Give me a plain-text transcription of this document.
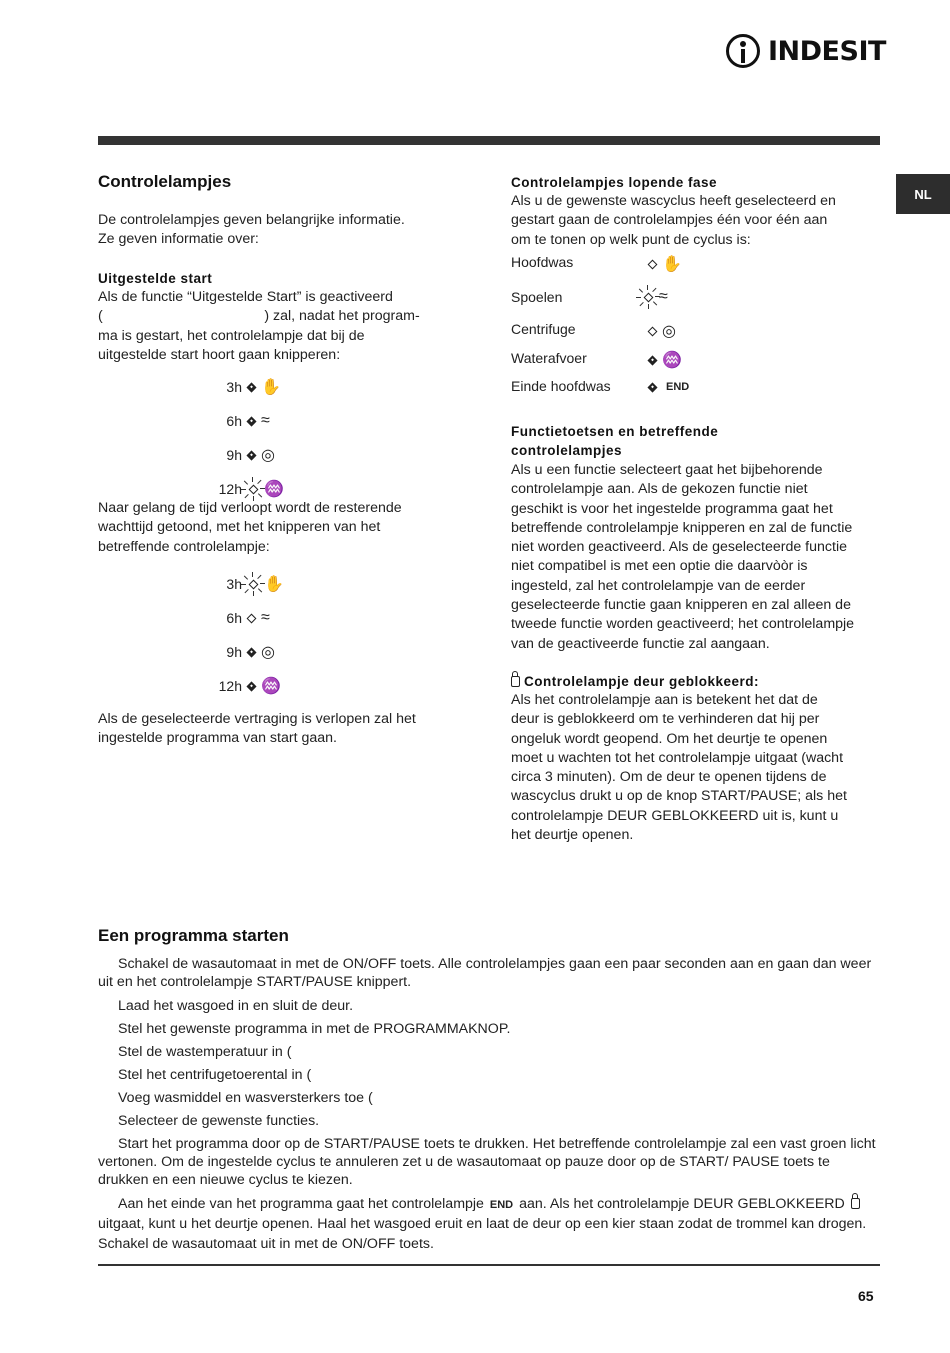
INDESIT
NL
Controlelampjes

De controlelampjes geven belangrijke informatie.

Ze geven informatie over:

Uitgestelde start

Als de functie “Uitgestelde Start” is geactiveerd

(                                         ) zal, nadat het program-

ma is gestart, het controlelampje dat bij de

uitgestelde start hoort gaan knipperen:

3h ✋
6h ≈
9h ◎
12h ♒

Naar gelang de tijd verloopt wordt de resterende

wachttijd getoond, met het knipperen van het

betreffende controlelampje:

3h ✋
6h ≈
9h ◎
12h ♒

Als de geselecteerde vertraging is verlopen zal het

ingestelde programma van start gaan.

Controlelampjes lopende fase

Als u de gewenste wascyclus heeft geselecteerd en

gestart gaan de controlelampjes één voor één aan

om te tonen op welk punt de cyclus is:

Hoofdwas	✋
Spoelen	≈
Centrifuge	◎
Waterafvoer	♒
Einde hoofdwas	END

Functietoetsen en betreffende

controlelampjes

Als u een functie selecteert gaat het bijbehorende

controlelampje aan. Als de gekozen functie niet

geschikt is voor het ingestelde programma gaat het

betreffende controlelampje knipperen en zal de functie

niet worden geactiveerd. Als de geselecteerde functie

niet compatibel is met een optie die daarvòòr is

ingesteld, zal het controlelampje van de eerder

geselecteerde functie gaan knipperen en zal alleen de

tweede functie worden geactiveerd; het controlelampje

van de geactiveerde functie zal aangaan.

Controlelampje deur geblokkeerd:

Als het controlelampje aan is betekent het dat de

deur is geblokkeerd om te verhinderen dat hij per

ongeluk wordt geopend. Om het deurtje te openen

moet u wachten tot het controlelampje uitgaat (wacht

circa 3 minuten). Om de deur te openen tijdens de

wascyclus drukt u op de knop START/PAUSE; als het

controlelampje DEUR GEBLOKKEERD uit is, kunt u

het deurtje openen.

Een programma starten

Schakel de wasautomaat in met de ON/OFF toets. Alle controlelampjes gaan een paar seconden aan en gaan dan weer uit en het controlelampje START/PAUSE knippert.

Laad het wasgoed in en sluit de deur.

Stel het gewenste programma in met de PROGRAMMAKNOP.

Stel de wastemperatuur in (

Stel het centrifugetoerental in (

Voeg wasmiddel en wasversterkers toe (

Selecteer de gewenste functies.

Start het programma door op de START/PAUSE toets te drukken. Het betreffende controlelampje zal een vast groen licht vertonen. Om de ingestelde cyclus te annuleren zet u de wasautomaat op pauze door op de START/ PAUSE toets te drukken en een nieuwe cyclus te kiezen.

Aan het einde van het programma gaat het controlelampje END aan. Als het controlelampje DEUR GEBLOKKEERD  uitgaat, kunt u het deurtje openen. Haal het wasgoed eruit en laat de deur op een kier staan zodat de trommel kan drogen. Schakel de wasautomaat uit in met de ON/OFF toets.

65
